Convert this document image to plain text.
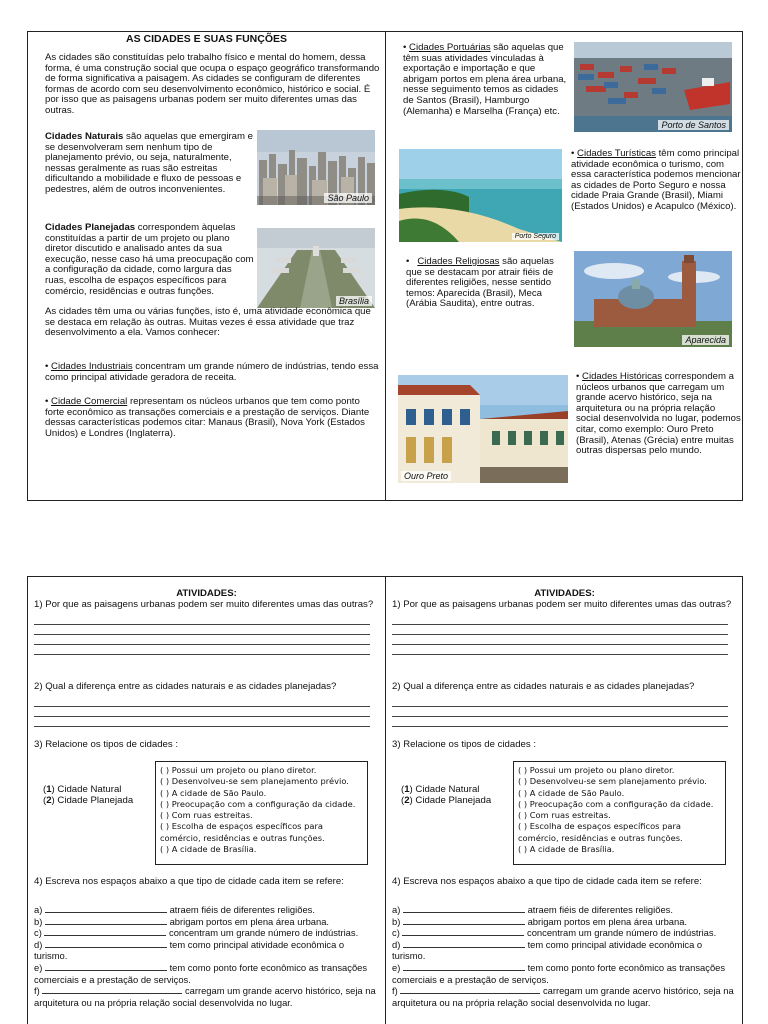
AS CIDADES E SUAS FUNÇÕES

As cidades são constituídas pelo trabalho físico e mental do homem, dessa forma, é uma construção social que ocupa o espaço geográfico transformando de forma significativa a paisagem. As cidades se configuram de diferentes formas de acordo com seu desenvolvimento econômico, histórico e social. É por isso que as paisagens urbanas podem ser muito diferentes umas das outras.

Cidades Naturais são aquelas que emergiram e se desenvolveram sem nenhum tipo de planejamento prévio, ou seja, naturalmente, nessas geralmente as ruas são estreitas dificultando a mobilidade e fluxo de pessoas e pedestres, além de outros inconvenientes.

São Paulo

Cidades Planejadas correspondem àquelas constituídas a partir de um projeto ou plano diretor discutido e analisado antes da sua execução, nesse caso há uma preocupação com a configuração da cidade, como largura das ruas, escolha de espaços específicos para comércio, residências e outras funções.

Brasília

As cidades têm uma ou várias funções, isto é, uma atividade econômica que se destaca em relação às outras. Muitas vezes é essa atividade que traz desenvolvimento a ela. Vamos conhecer:

• Cidades Industriais concentram um grande número de indústrias, tendo essa como principal atividade geradora de receita.

• Cidade Comercial representam os núcleos urbanos que tem como ponto forte econômico as transações comerciais e a prestação de serviços. Diante dessas características podemos citar: Manaus (Brasil), Nova York (Estados Unidos) e Londres (Inglaterra).

• Cidades Portuárias são aquelas que têm suas atividades vinculadas à exportação e importação e que abrigam portos em plena área urbana, nesse seguimento temos as cidades de Santos (Brasil), Hamburgo (Alemanha) e Marselha (França) etc.

Porto de Santos
Porto Seguro

• Cidades Turísticas têm como principal atividade econômica o turismo, com essa característica podemos mencionar as cidades de Porto Seguro e nossa cidade Praia Grande (Brasil), Miami (Estados Unidos) e Acapulco (México).

•   Cidades Religiosas são aquelas que se destacam por atrair fiéis de diferentes religiões, nesse sentido temos: Aparecida (Brasil), Meca (Arábia Saudita), entre outras.

Aparecida
Ouro Preto

• Cidades Históricas correspondem a núcleos urbanos que carregam um grande acervo histórico, seja na arquitetura ou na própria relação social desenvolvida no lugar, podemos citar, como exemplo: Ouro Preto (Brasil), Atenas (Grécia) entre muitas outras dispersas pelo mundo.

ATIVIDADES:

1) Por que as paisagens urbanas podem ser muito diferentes umas das outras?

2) Qual a diferença entre as cidades naturais e as cidades planejadas?

3) Relacione os tipos de cidades :

(1) Cidade Natural

(2) Cidade Planejada

( ) Possui um projeto ou plano diretor.

( ) Desenvolveu-se sem planejamento prévio.

( ) A cidade de São Paulo.

( ) Preocupação com a configuração da cidade.

( ) Com ruas estreitas.

( ) Escolha de espaços específicos para

comércio, residências e outras funções.

( ) A cidade de Brasília.

4) Escreva nos espaços abaixo a que tipo de cidade cada item se refere:

a)	atraem fiéis de diferentes religiões.

b)	abrigam portos em plena área urbana.

c)	concentram um grande número de indústrias.

d)	tem como principal atividade econômica o

turismo.

e)	tem como ponto forte econômico as transações

comerciais e a prestação de serviços.

f)	carregam um grande acervo histórico, seja na

arquitetura ou na própria relação social desenvolvida no lugar.

ATIVIDADES:

1) Por que as paisagens urbanas podem ser muito diferentes umas das outras?

2) Qual a diferença entre as cidades naturais e as cidades planejadas?

3) Relacione os tipos de cidades :

(1) Cidade Natural

(2) Cidade Planejada

( ) Possui um projeto ou plano diretor.

( ) Desenvolveu-se sem planejamento prévio.

( ) A cidade de São Paulo.

( ) Preocupação com a configuração da cidade.

( ) Com ruas estreitas.

( ) Escolha de espaços específicos para

comércio, residências e outras funções.

( ) A cidade de Brasília.

4) Escreva nos espaços abaixo a que tipo de cidade cada item se refere:

a)	atraem fiéis de diferentes religiões.

b)	abrigam portos em plena área urbana.

c)	concentram um grande número de indústrias.

d)	tem como principal atividade econômica o

turismo.

e)	tem como ponto forte econômico as transações

comerciais e a prestação de serviços.

f)	carregam um grande acervo histórico, seja na

arquitetura ou na própria relação social desenvolvida no lugar.
